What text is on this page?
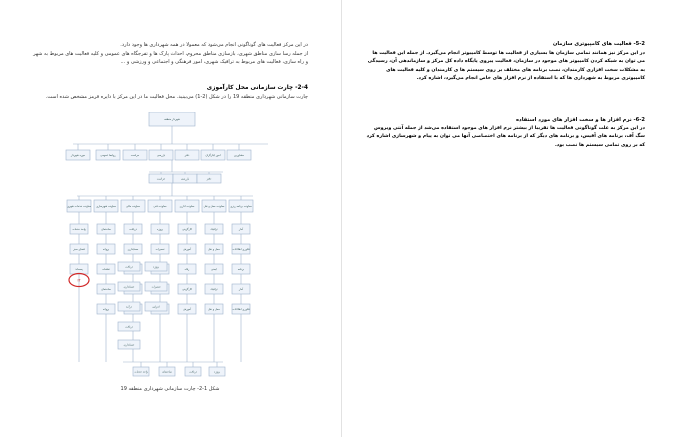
در این مرکز فعالیت های گوناگونی انجام می‌شود که معمولا در همه شهرداری ها وجود دارد.
از جمله رسا سازی مناطق شهری، بازسازی مناطق محروم، احداث پارک ها و تفرجگاه های عمومی و کلیه فعالیت های مربوط به شهر و راه سازی، فعالیت های مربوط به ترافیک شهری، امور فرهنگی و اجتماعی و ورزشی و ...
2-4- چارت سازمانی محل کارآموزی
چارت سازمانی شهرداری منطقه 19 را در شکل (2-1) می‌بینید. محل فعالیت ما در این مرکز با دایره قرمز مشخص شده است.
شهردار منطقه
حوزه شهردار	روابط عمومی	حراست	بازرسی	دفتر	امور ایثارگران	مشاورین
حراست	بازرسی	دفتر
معاونت خدمات شهری
واحد خدمات
فضای سبز
پسماند
معاونت شهرسازی
ساختمان
پروانه
تخلفات
ساختمان
پروانه
معاونت مالی
دریافت
حسابداری
معاونت فنی
پروژه
تعمیرات
معاونت اداری
کارگزینی
آموزش
رفاه
کارگزینی
آموزش
معاونت حمل و نقل
ترافیک
حمل و نقل
ایمنی
ترافیک
حمل و نقل
معاونت برنامه ریزی
آمار
فناوری اطلاعات
برنامه
آمار
فناوری اطلاعات
دریافت
حسابداری
درآمد
دریافت
حسابداری
پروژه
تعمیرات
اجرایی
واحد خدمات	ساختمان	دریافت	پروژه
IT
شکل 1-2- چارت سازمانی شهرداری منطقه 19
5-2- فعالیت های کامپیوتری سازمان
در این مرکز نیز همانند تمامی سازمان ها بسیاری از فعالیت ها توسط کامپیوتر انجام می‌گیرد. از جمله این فعالیت ها می توان به شبکه کردن کامپیوتر های موجود در سازمان، فعالیت پیروی پایگاه داده کل مرکز و سازماندهی آن، رسیدگی به مشکلات سخت افزاری کارمندان، نصب برنامه های مختلف بر روی سیستم ها ی کارمندان و کلیه فعالیت های کامپیوتری مربوط به شهرداری ها که با استفاده از نرم افزار های خاص انجام می‌گیرد، اشاره کرد.
6-2- نرم افزار ها و سخت افزار های مورد استفاده
در این مرکز به علت گوناگونی فعالیت ها تقریبا از بیشتر نرم افزار های موجود استفاده می‌شد از جمله آنتی ویروس سگ آف، برنامه های آفیس، و برنامه های دیگر که از برنامه های اختصاصی آنها می توان به پیام و شهرسازی اشاره کرد که بر روی تمامی سیستم ها نصب بود.
